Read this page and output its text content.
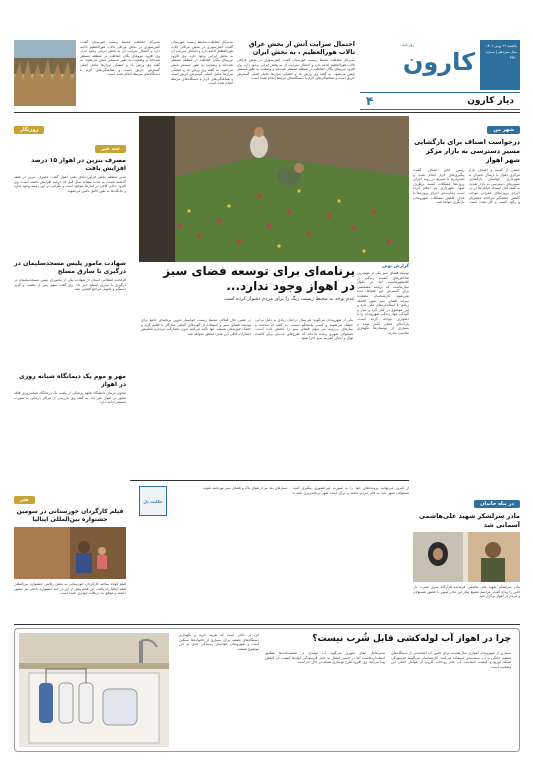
یکشنبه ۲۶ بهمن ۱۴۰۲
سال سیزدهم | شماره ۳۳۳۰
روزنامه
کارون
دیار کارون
۴
احتمال سرایت آتش از بخش عراق تالاب هورالعظیم ، به بخش ایران
مدیرکل حفاظت محیط زیست خوزستان گفت: آتش‌سوزی در بخش عراقی تالاب هورالعظیم ادامه دارد و احتمال سرایت آن به بخش ایرانی وجود دارد. وی افزود نیروهای یگان حفاظت در منطقه مستقر شده‌اند و وضعیت به طور مستمر پایش می‌شود. به گفته وی وزش باد و خشکی نیزارها عامل اصلی گسترش حریق است و هماهنگی‌های لازم با دستگاه‌های مرتبط انجام شده است.
مدیرکل حفاظت محیط زیست خوزستان گفت: آتش‌سوزی در بخش عراقی تالاب هورالعظیم ادامه دارد و احتمال سرایت آن به بخش ایرانی وجود دارد. وی افزود نیروهای یگان حفاظت در منطقه مستقر شده‌اند و وضعیت به طور مستمر پایش می‌شود. به گفته وی وزش باد و خشکی نیزارها عامل اصلی گسترش حریق است و هماهنگی‌های لازم با دستگاه‌های مرتبط انجام شده است.
مدیرکل حفاظت محیط زیست خوزستان گفت: آتش‌سوزی در بخش عراقی تالاب هورالعظیم ادامه دارد و احتمال سرایت آن به بخش ایرانی وجود دارد. وی افزود نیروهای یگان حفاظت در منطقه مستقر شده‌اند و وضعیت به طور مستمر پایش می‌شود. به گفته وی وزش باد و خشکی نیزارها عامل اصلی گسترش حریق است و هماهنگی‌های لازم با دستگاه‌های مرتبط انجام شده است.
شهر من
درخواست اصناف برای بازگشایی مسیر دسترسی به بازار مرکز شهر اهواز
جمعی از کسبه و اصناف بازار مرکزی اهواز با ارسال نامه‌ای به شهرداری خواستار بازگشایی مسیرهای دسترسی به بازار شدند. به گفته آنان انسداد خیابان‌ها در پی اجرای پروژه‌های عمرانی موجب کاهش چشمگیر مراجعه مشتریان و رکود کسب و کار شده است. رئیس اتاق اصناف گفت: پیگیری‌های لازم انجام شده و امیدواریم با تسریع در روند اجرای پروژه‌ها مشکلات کسبه برطرف شود. شهرداری نیز اعلام کرده است زمان‌بندی اجرای پروژه‌ها با هدف کاهش مشکلات شهروندان بازنگری خواهد شد.
روزنگار
چند خبر
مصرف بنزین در اهواز ۱۵ درصد افزایش یافت
مدیر منطقه پخش فرآورده‌های نفتی اهواز گفت: مصرف بنزین در هفته گذشته نسبت به مدت مشابه سال قبل ۱۵ درصد افزایش داشته است. وی افزود ذخایر کافی در انبارها موجود است و نگرانی در این زمینه وجود ندارد و جایگاه‌ها به طور کامل تامین می‌شوند.
شهادت مامور پلیس مسجدسلیمان در درگیری با سارق مسلح
فرمانده انتظامی استان از شهادت یکی از ماموران پلیس مسجدسلیمان در درگیری با سارق مسلح خبر داد. وی گفت متهم پس از تعقیب و گریز دستگیر و تحویل مراجع قضایی شد.
مهر و موم یک دیمانگاه شبانه روزی در اهواز
معاون درمان دانشگاه علوم پزشکی از پلمب یک درمانگاه شبانه‌روزی فاقد مجوز در اهواز خبر داد. به گفته وی بازرسی از مراکز درمانی به صورت مستمر ادامه دارد.
برنامه‌ای برای توسعه فضای سبز در اهواز وجود ندارد...
عدم توجه به محیط زیست زنگ را برای مردم دشوار کرده است
گزارش نوین
توسعه فضای سبز یکی از مهم‌ترین شاخص‌های کیفیت زندگی در کلانشهرهاست اما در اهواز سال‌هاست که برنامه مشخصی برای گسترش این فضاها دیده نمی‌شود. کارشناسان معتقدند سرانه فضای سبز شهر فاصله زیادی با استانداردهای ملی دارد و این موضوع در کنار گرد و غبار و آلودگی هوا، زندگی شهروندان را با دشواری مواجه کرده است. پارک‌های محلی کمتر شده و بسیاری از بوستان‌ها نگهداری مناسبی ندارند.
یکی از شهروندان می‌گوید: هر سال درختان زیادی به دلیل بی‌آبی خشک می‌شوند و کسی پاسخگو نیست. به گفته او ساخت و سازهای بی‌رویه نیز سهم فضای سبز را کاهش داده است. مسئولان شهری وعده داده‌اند که طرح‌های جدیدی برای کاشت نهال و احیای کمربند سبز اجرا شود.
در همین حال فعالان محیط زیست خواستار تدوین برنامه‌ای جامع برای توسعه فضای سبز و استفاده از گونه‌های گیاهی سازگار با اقلیم گرم و خشک خوزستان هستند. آنها تاکید می‌کنند بدون مشارکت مردم و تخصیص اعتبارات کافی این هدف محقق نخواهد شد.
حکایت دل
از امروز می‌توانید پرونده‌های خود را به صورت غیرحضوری پیگیری کنید. مسئولان شهر باید به فکر مردم باشند و برای آینده شهر برنامه‌ریزی کنند تا نسل‌های بعد نیز از هوای پاک و فضای سبز بهره‌مند شوند.
هنر
فیلم کارگردان خوزستانی در سومین جشنواره بین‌المللی ایتالیا
فیلم کوتاه ساخته کارگردان خوزستانی به بخش رقابتی جشنواره بین‌المللی فیلم ایتالیا راه یافت. این فیلم پیش از این در چند جشنواره داخلی نیز حضور داشته و موفق به دریافت جوایزی شده است.
در پناه خاندان
مادر سرلشکر شهید علی‌هاشمی آسمانی شد
مادر سرلشکر شهید علی هاشمی فرمانده قرارگاه سری نصرت دار فانی را وداع گفت. مراسم تشییع پیکر این مادر صبور با حضور مسئولان و مردم در اهواز برگزار شد.
چرا در اهواز آب لوله‌کشی قابل شُرب نیست؟
بسیاری از شهروندان اهوازی سال‌هاست برای تامین آب آشامیدنی از دستگاه‌های تصفیه خانگی یا آب بسته‌بندی استفاده می‌کنند. کارشناسان می‌گویند فرسودگی شبکه توزیع و کیفیت نامناسب آب خام رودخانه کارون از عوامل اصلی این وضعیت است.
مدیرعامل آبفای شهری می‌گوید آب تولیدی در تصفیه‌خانه‌ها مطابق استانداردهاست اما در مسیر انتقال به دلیل فرسودگی لوله‌ها کیفیت آن کاهش پیدا می‌کند. وی افزود طرح نوسازی شبکه در حال اجراست.
این در حالی است که هزینه خرید و نگهداری دستگاه‌های تصفیه برای بسیاری از خانواده‌ها سنگین است و شهروندان خواستار رسیدگی جدی به این موضوع هستند.
